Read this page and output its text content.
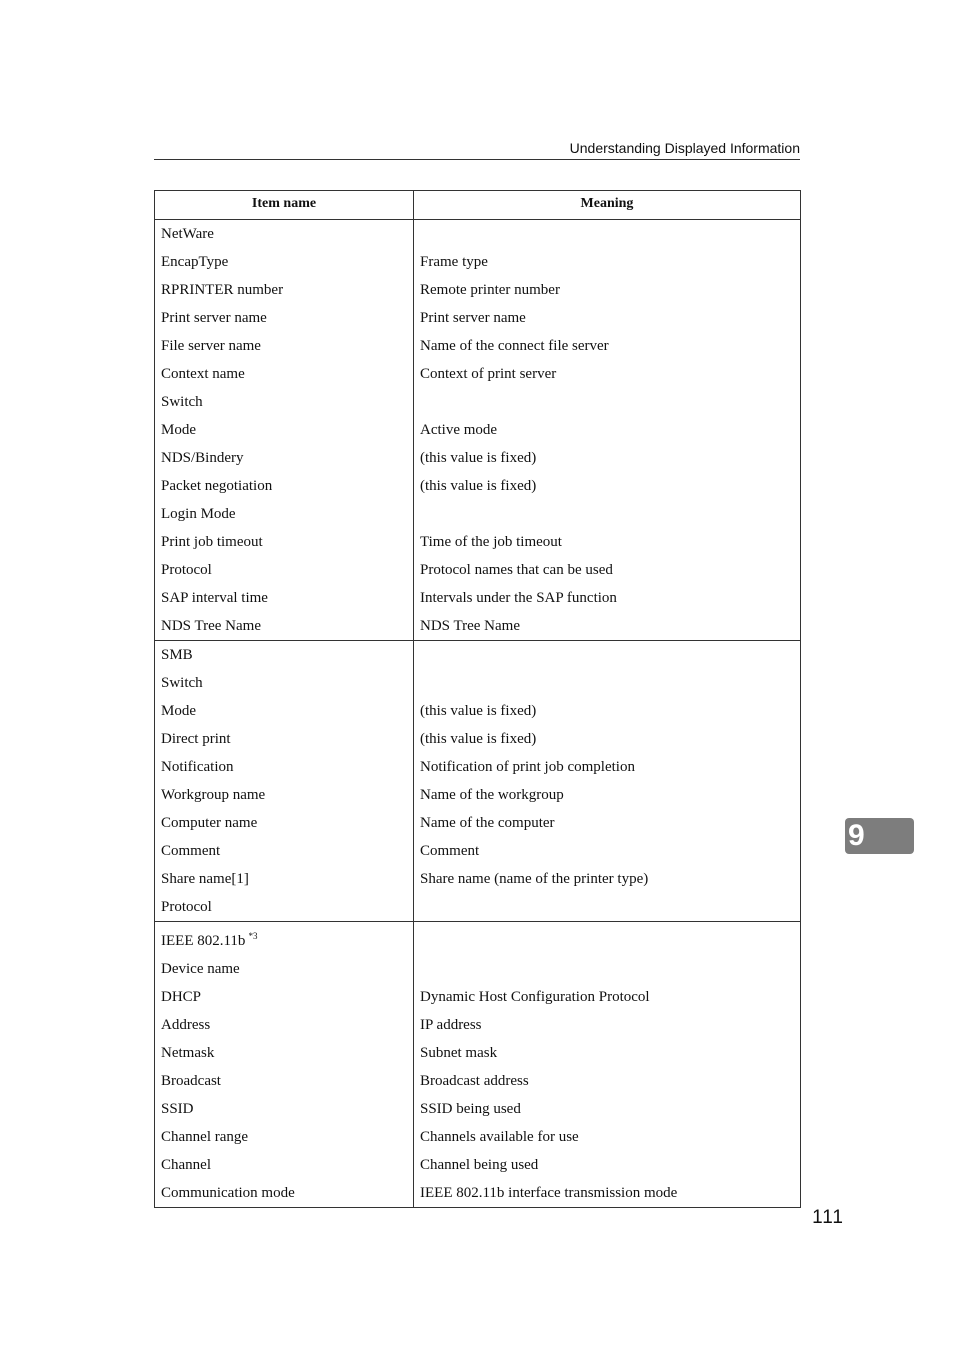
Understanding Displayed Information
Item name	Meaning
NetWare	
EncapType	Frame type
RPRINTER number	Remote printer number
Print server name	Print server name
File server name	Name of the connect file server
Context name	Context of print server
Switch	
Mode	Active mode
NDS/Bindery	(this value is fixed)
Packet negotiation	(this value is fixed)
Login Mode	
Print job timeout	Time of the job timeout
Protocol	Protocol names that can be used
SAP interval time	Intervals under the SAP function
NDS Tree Name	NDS Tree Name
SMB	
Switch	
Mode	(this value is fixed)
Direct print	(this value is fixed)
Notification	Notification of print job completion
Workgroup name	Name of the workgroup
Computer name	Name of the computer
Comment	Comment
Share name[1]	Share name (name of the printer type)
Protocol	
IEEE 802.11b $^{*3}$	
Device name	
DHCP	Dynamic Host Configuration Protocol
Address	IP address
Netmask	Subnet mask
Broadcast	Broadcast address
SSID	SSID being used
Channel range	Channels available for use
Channel	Channel being used
Communication mode	IEEE 802.11b interface transmission mode
9
111
